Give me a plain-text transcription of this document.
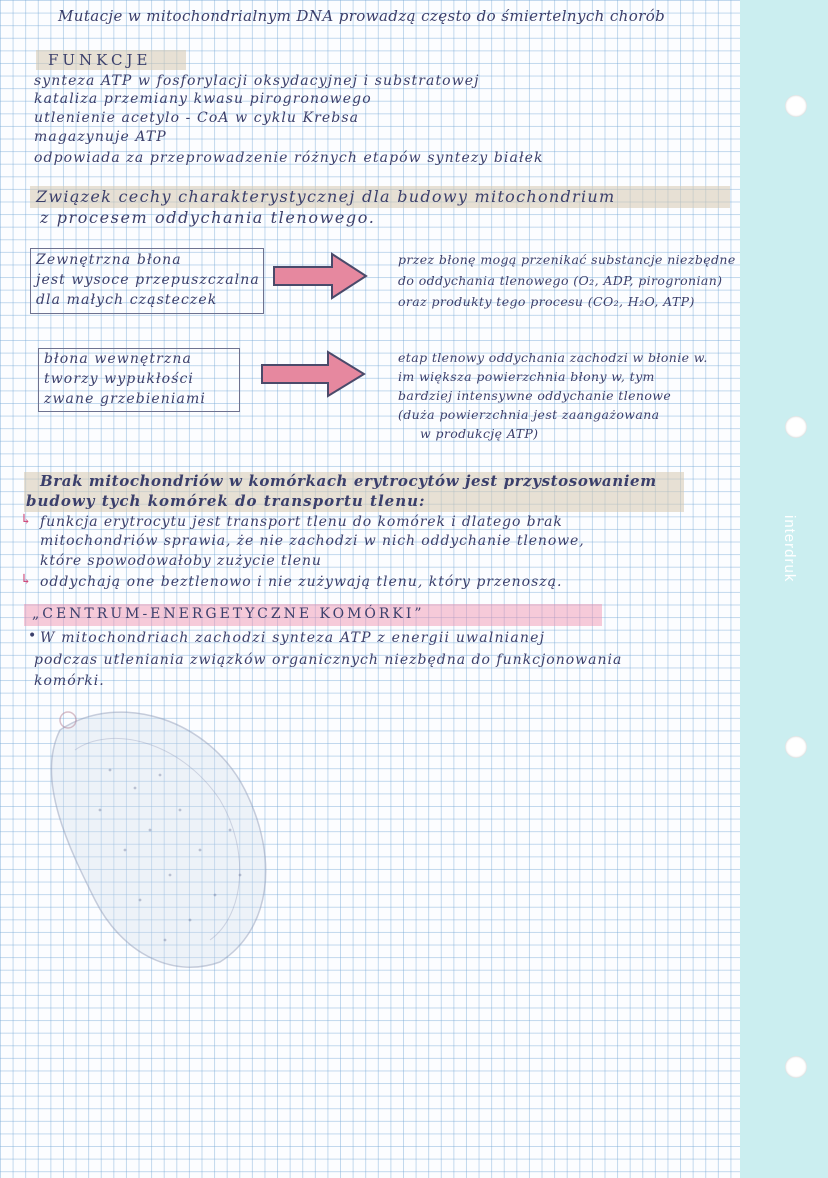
interdruk
Mutacje w mitochondrialnym DNA prowadzą często do śmiertelnych chorób
FUNKCJE
synteza ATP w fosforylacji oksydacyjnej i substratowej
kataliza przemiany kwasu pirogronowego
utlenienie acetylo - CoA w cyklu Krebsa
magazynuje ATP
odpowiada za przeprowadzenie różnych etapów syntezy białek
Związek cechy charakterystycznej dla budowy mitochondrium
z procesem oddychania tlenowego.
Zewnętrzna błona
jest wysoce przepuszczalna
dla małych cząsteczek
przez błonę mogą przenikać substancje niezbędne
do oddychania tlenowego (O₂, ADP, pirogronian)
oraz produkty tego procesu (CO₂, H₂O, ATP)
błona wewnętrzna
tworzy wypukłości
zwane grzebieniami
etap tlenowy oddychania zachodzi w błonie w.
im większa powierzchnia błony w, tym
bardziej intensywne oddychanie tlenowe
(duża powierzchnia jest zaangażowana
w produkcję ATP)
Brak mitochondriów w komórkach erytrocytów jest przystosowaniem
budowy tych komórek do transportu tlenu:
↳ funkcja erytrocytu jest transport tlenu do komórek i dlatego brak
mitochondriów sprawia, że nie zachodzi w nich oddychanie tlenowe,
które spowodowałoby zużycie tlenu
↳ oddychają one beztlenowo i nie zużywają tlenu, który przenoszą.
„CENTRUM-ENERGETYCZNE KOMÓRKI”
• W mitochondriach zachodzi synteza ATP z energii uwalnianej
podczas utleniania związków organicznych niezbędna do funkcjonowania
komórki.
